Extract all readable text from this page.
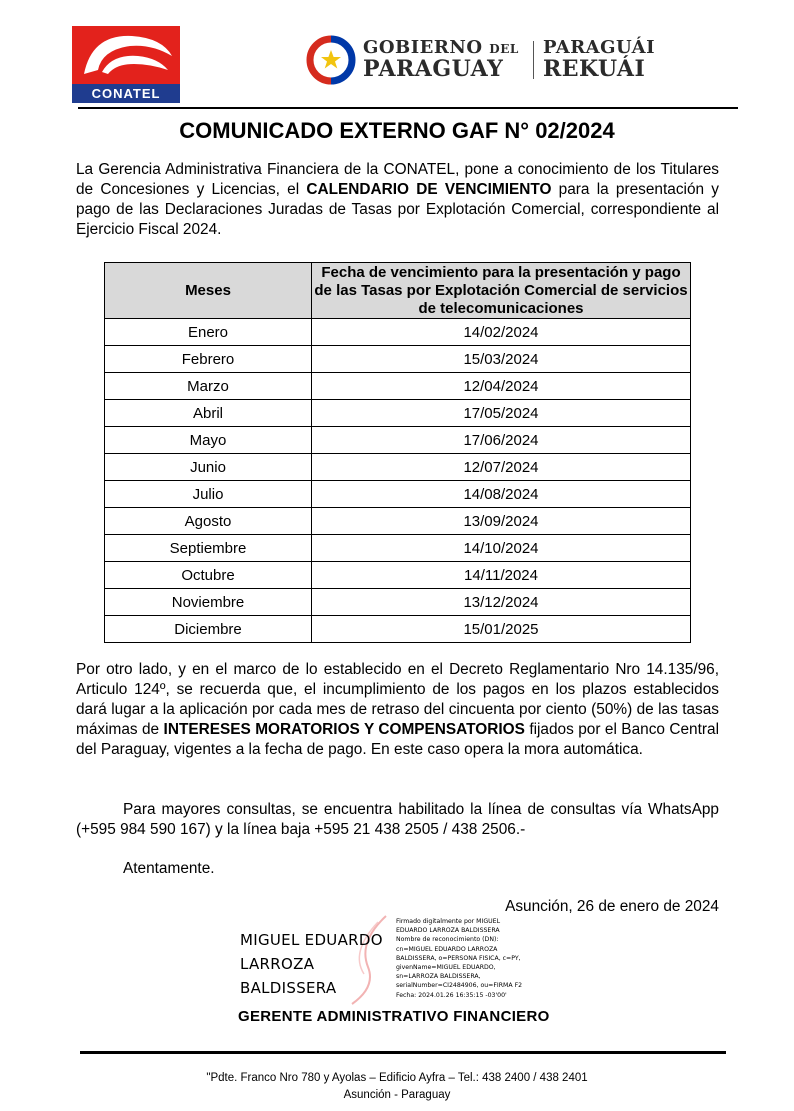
CONATEL
GOBIERNO DEL
PARAGUAY
PARAGUÁI
REKUÁI
COMUNICADO EXTERNO GAF N° 02/2024
La Gerencia Administrativa Financiera de la CONATEL, pone a conocimiento de los Titulares de Concesiones y Licencias, el CALENDARIO DE VENCIMIENTO para la presentación y pago de las Declaraciones Juradas de Tasas por Explotación Comercial, correspondiente al Ejercicio Fiscal 2024.
Meses	Fecha de vencimiento para la presentación y pago de las Tasas por Explotación Comercial de servicios de telecomunicaciones
Enero	14/02/2024
Febrero	15/03/2024
Marzo	12/04/2024
Abril	17/05/2024
Mayo	17/06/2024
Junio	12/07/2024
Julio	14/08/2024
Agosto	13/09/2024
Septiembre	14/10/2024
Octubre	14/11/2024
Noviembre	13/12/2024
Diciembre	15/01/2025
Por otro lado, y en el marco de lo establecido en el Decreto Reglamentario Nro 14.135/96, Articulo 124º, se recuerda que, el incumplimiento de los pagos en los plazos establecidos dará lugar a la aplicación por cada mes de retraso del cincuenta por ciento (50%) de las tasas máximas de INTERESES MORATORIOS Y COMPENSATORIOS fijados por el Banco Central del Paraguay, vigentes a la fecha de pago. En este caso opera la mora automática.
Para mayores consultas, se encuentra habilitado la línea de consultas vía WhatsApp (+595 984 590 167) y la línea baja +595 21 438 2505 / 438 2506.-
Atentamente.
Asunción, 26 de enero de 2024
MIGUEL EDUARDO
LARROZA
BALDISSERA
Firmado digitalmente por MIGUEL
EDUARDO LARROZA BALDISSERA
Nombre de reconocimiento (DN):
cn=MIGUEL EDUARDO LARROZA
BALDISSERA, o=PERSONA FISICA, c=PY,
givenName=MIGUEL EDUARDO,
sn=LARROZA BALDISSERA,
serialNumber=CI2484906, ou=FIRMA F2
Fecha: 2024.01.26 16:35:15 -03'00'
GERENTE ADMINISTRATIVO FINANCIERO
"Pdte. Franco Nro 780 y Ayolas – Edificio Ayfra – Tel.: 438 2400 / 438 2401
Asunción - Paraguay
